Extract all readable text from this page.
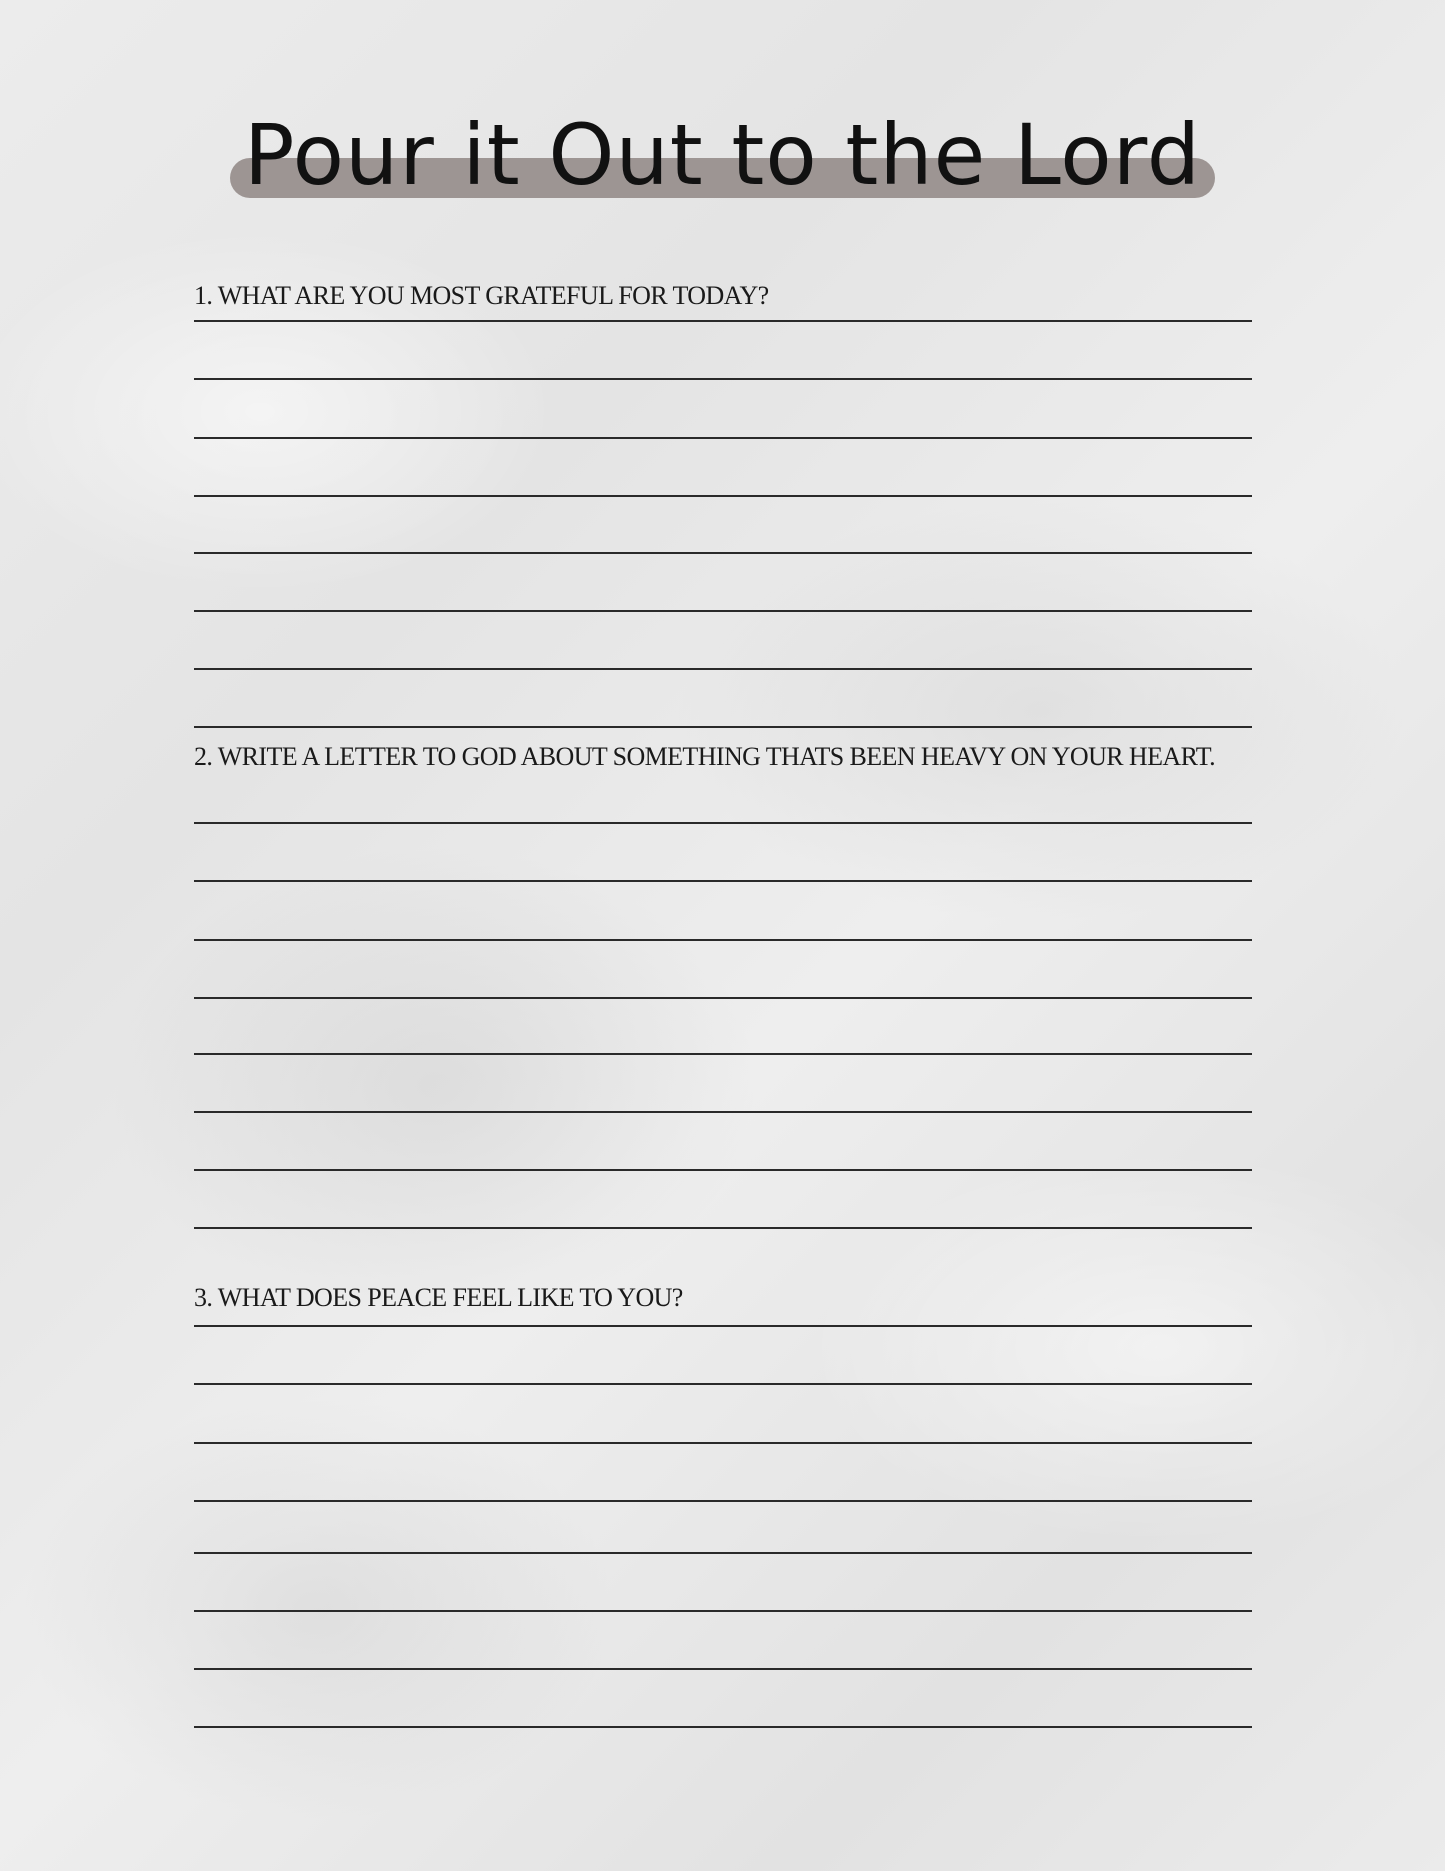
Pour it Out to the Lord

1. WHAT ARE YOU MOST GRATEFUL FOR TODAY?

2. WRITE A LETTER TO GOD ABOUT SOMETHING THATS BEEN HEAVY ON YOUR HEART.

3. WHAT DOES PEACE FEEL LIKE TO YOU?
